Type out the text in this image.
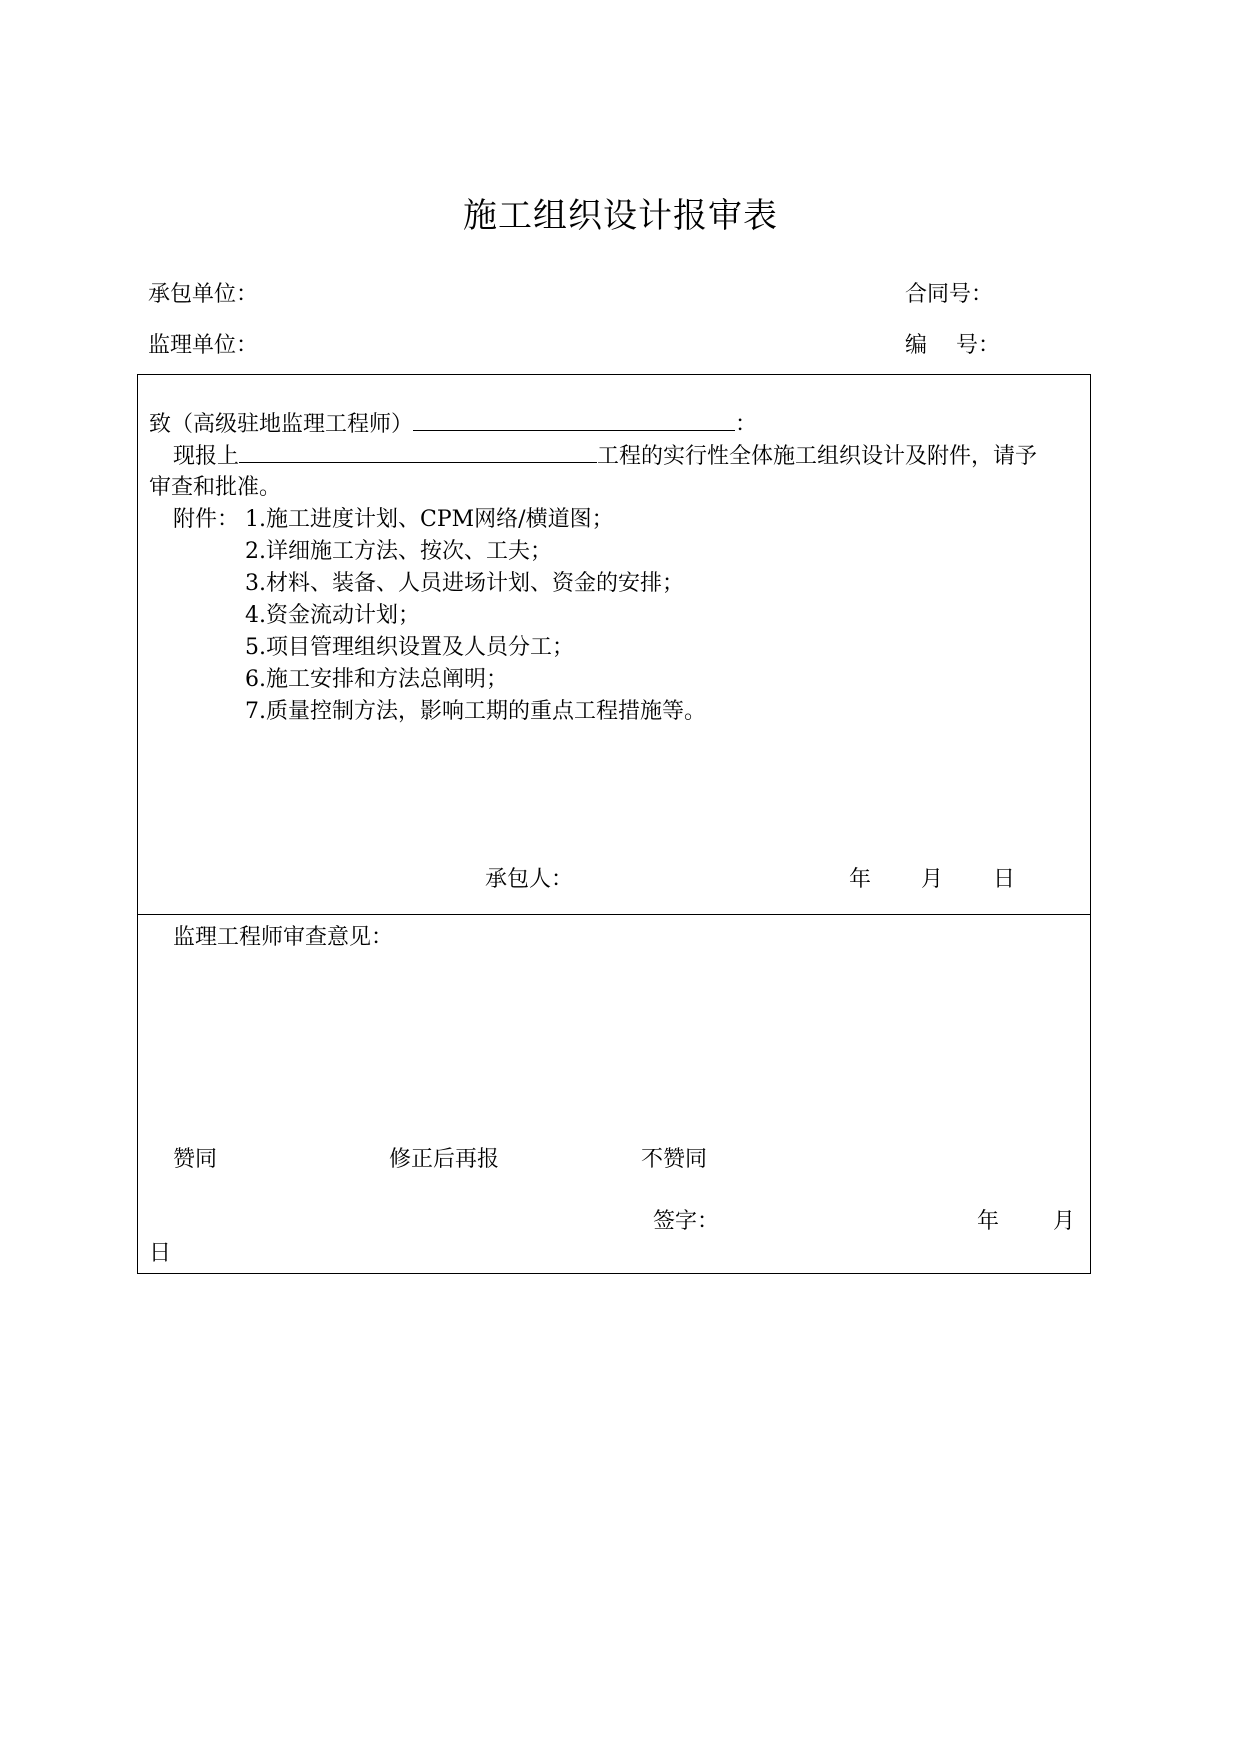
施工组织设计报审表
承包单位：	合同号：
监理单位：	编　 号：
致（高级驻地监理工程师）	：
现报上	工程的实行性全体施工组织设计及附件，请予
审查和批准。
附件： 1.施工进度计划、CPM网络/横道图；
2.详细施工方法、按次、工夫；
3.材料、装备、人员进场计划、资金的安排；
4.资金流动计划；
5.项目管理组织设置及人员分工；
6.施工安排和方法总阐明；
7.质量控制方法，影响工期的重点工程措施等。
承包人：	年 月 日
监理工程师审查意见：
赞同	修正后再报	不赞同
签字：	年 月
日
